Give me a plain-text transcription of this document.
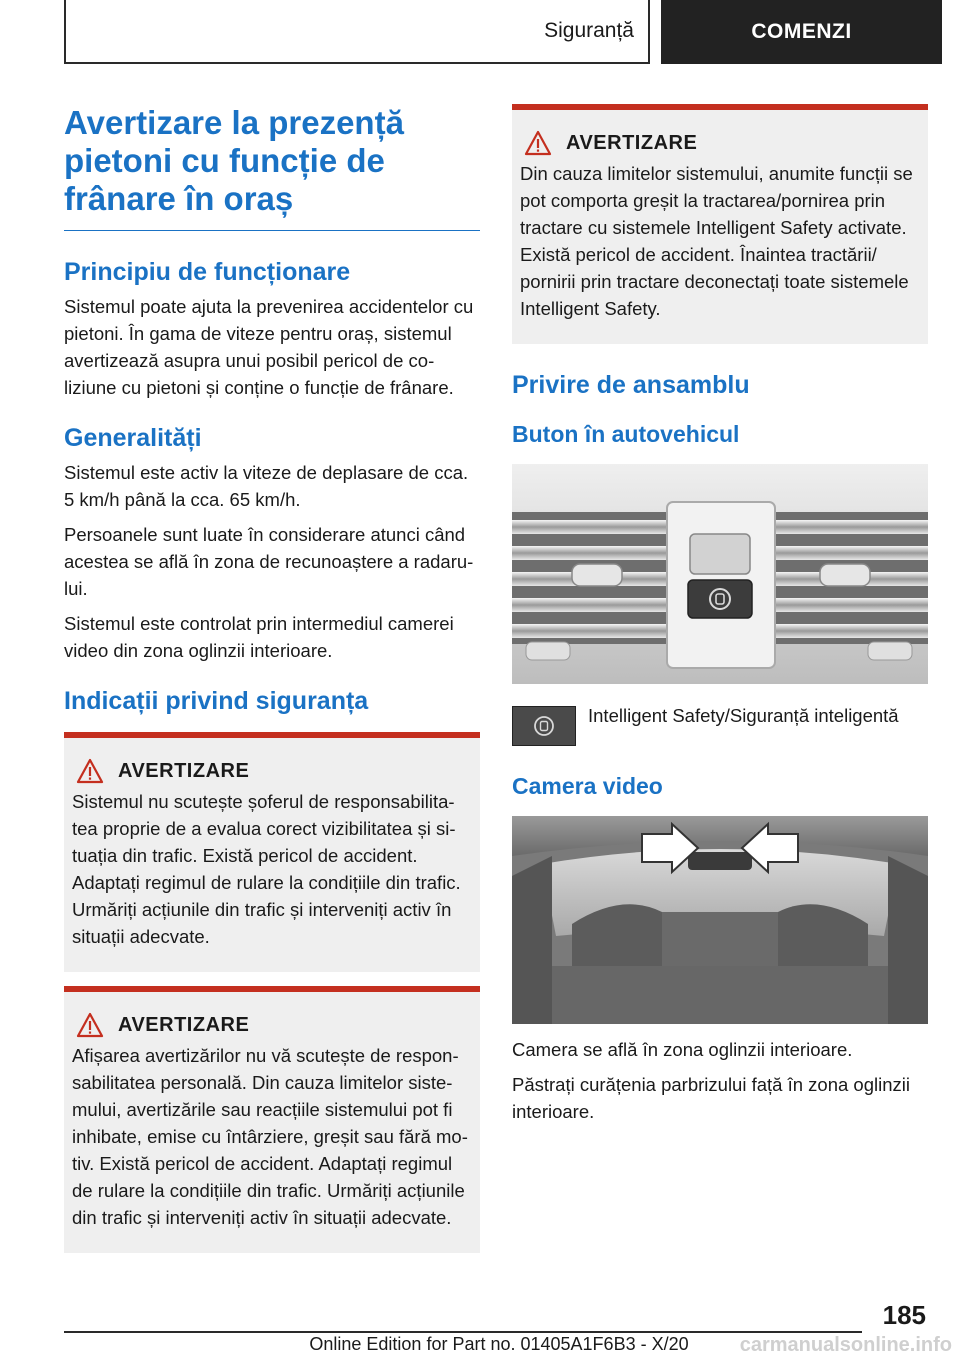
Siguranță	COMENZI
Avertizare la prezență pietoni cu funcție de frânare în oraș
Principiu de funcționare

Sistemul poate ajuta la prevenirea accidentelor cu pietoni. În gama de viteze pentru oraș, sistemul avertizează asupra unui posibil pericol de coliziune cu pietoni și conține o funcție de frânare.

Generalități

Sistemul este activ la viteze de deplasare de cca. 5 km/h până la cca. 65 km/h.

Persoanele sunt luate în considerare atunci când acestea se află în zona de recunoaștere a radarului.

Sistemul este controlat prin intermediul camerei video din zona oglinzii interioare.

Indicații privind siguranța
AVERTIZARE

Sistemul nu scutește șoferul de responsabilitatea proprie de a evalua corect vizibilitatea și situația din trafic. Există pericol de accident. Adaptați regimul de rulare la condițiile din trafic. Urmăriți acțiunile din trafic și interveniți activ în situații adecvate.

AVERTIZARE

Afișarea avertizărilor nu vă scutește de responsabilitatea personală. Din cauza limitelor sistemului, avertizările sau reacțiile sistemului pot fi inhibate, emise cu întârziere, greșit sau fără motiv. Există pericol de accident. Adaptați regimul de rulare la condițiile din trafic. Urmăriți acțiunile din trafic și interveniți activ în situații adecvate.

AVERTIZARE

Din cauza limitelor sistemului, anumite funcții se pot comporta greșit la tractarea/pornirea prin tractare cu sistemele Intelligent Safety activate. Există pericol de accident. Înaintea tractării/ pornirii prin tractare deconectați toate sistemele Intelligent Safety.

Privire de ansamblu
Buton în autovehicul

Intelligent Safety/Siguranță inteligentă

Camera video

Camera se află în zona oglinzii interioare.

Păstrați curățenia parbrizului față în zona oglinzii interioare.

185
Online Edition for Part no. 01405A1F6B3 - X/20	carmanualsonline.info
